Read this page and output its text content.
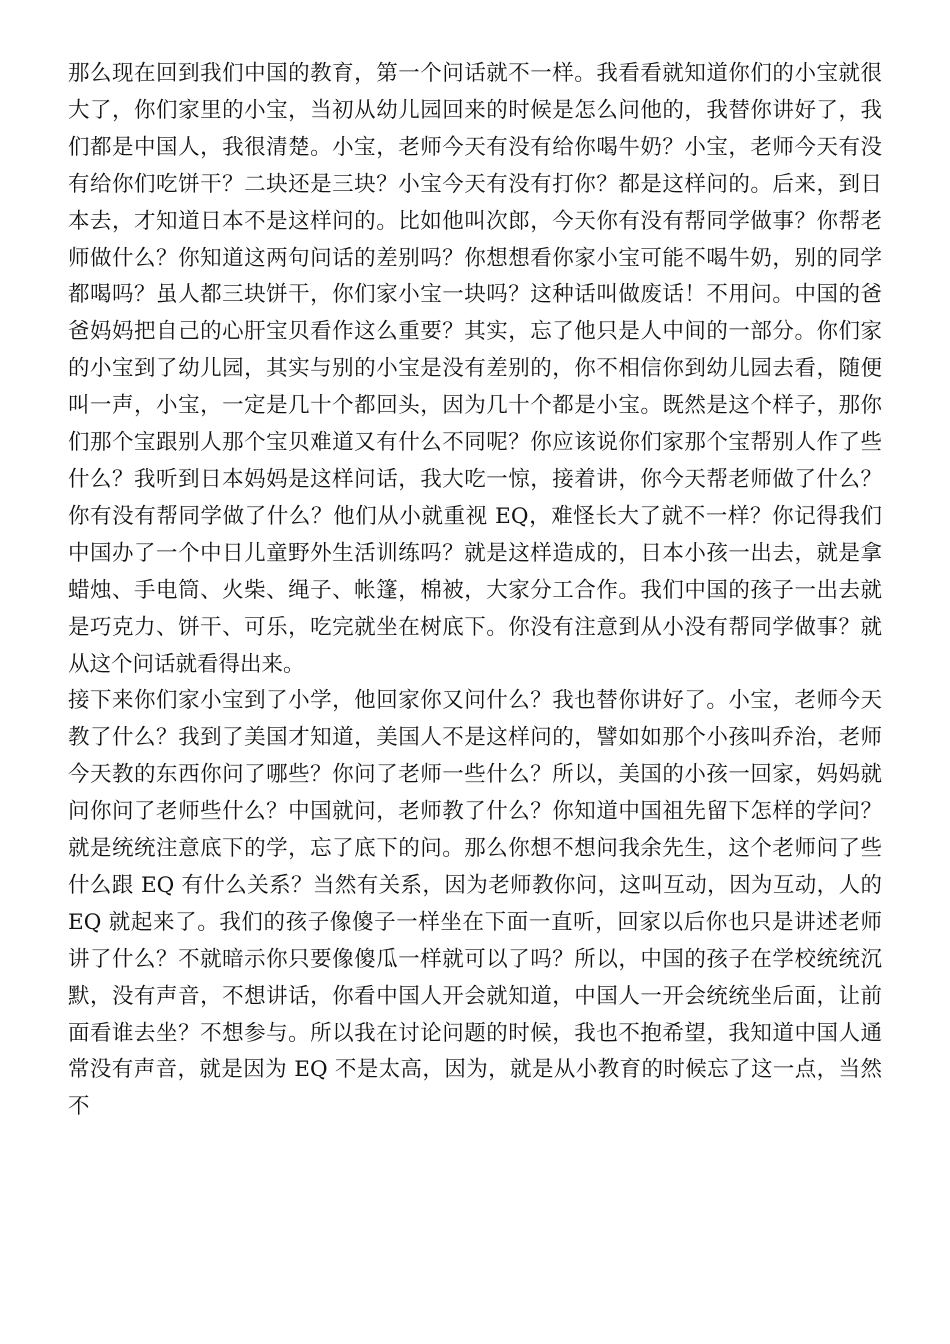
那么现在回到我们中国的教育，第一个问话就不一样。我看看就知道你们的小宝就很大了，你们家里的小宝，当初从幼儿园回来的时候是怎么问他的，我替你讲好了，我们都是中国人，我很清楚。小宝，老师今天有没有给你喝牛奶？小宝，老师今天有没有给你们吃饼干？二块还是三块？小宝今天有没有打你？都是这样问的。后来，到日本去，才知道日本不是这样问的。比如他叫次郎，今天你有没有帮同学做事？你帮老师做什么？你知道这两句问话的差别吗？你想想看你家小宝可能不喝牛奶，别的同学都喝吗？虽人都三块饼干，你们家小宝一块吗？这种话叫做废话！不用问。中国的爸爸妈妈把自己的心肝宝贝看作这么重要？其实，忘了他只是人中间的一部分。你们家的小宝到了幼儿园，其实与别的小宝是没有差别的，你不相信你到幼儿园去看，随便叫一声，小宝，一定是几十个都回头，因为几十个都是小宝。既然是这个样子，那你们那个宝跟别人那个宝贝难道又有什么不同呢？你应该说你们家那个宝帮别人作了些什么？我听到日本妈妈是这样问话，我大吃一惊，接着讲，你今天帮老师做了什么？你有没有帮同学做了什么？他们从小就重视 EQ，难怪长大了就不一样？你记得我们中国办了一个中日儿童野外生活训练吗？就是这样造成的，日本小孩一出去，就是拿蜡烛、手电筒、火柴、绳子、帐篷，棉被，大家分工合作。我们中国的孩子一出去就是巧克力、饼干、可乐，吃完就坐在树底下。你没有注意到从小没有帮同学做事？就从这个问话就看得出来。

接下来你们家小宝到了小学，他回家你又问什么？我也替你讲好了。小宝，老师今天教了什么？我到了美国才知道，美国人不是这样问的，譬如如那个小孩叫乔治，老师今天教的东西你问了哪些？你问了老师一些什么？所以，美国的小孩一回家，妈妈就问你问了老师些什么？中国就问，老师教了什么？你知道中国祖先留下怎样的学问？就是统统注意底下的学，忘了底下的问。那么你想不想问我余先生，这个老师问了些什么跟 EQ 有什么关系？当然有关系，因为老师教你问，这叫互动，因为互动，人的 EQ 就起来了。我们的孩子像傻子一样坐在下面一直听，回家以后你也只是讲述老师讲了什么？不就暗示你只要像傻瓜一样就可以了吗？所以，中国的孩子在学校统统沉默，没有声音，不想讲话，你看中国人开会就知道，中国人一开会统统坐后面，让前面看谁去坐？不想参与。所以我在讨论问题的时候，我也不抱希望，我知道中国人通常没有声音，就是因为 EQ 不是太高，因为，就是从小教育的时候忘了这一点，当然不
